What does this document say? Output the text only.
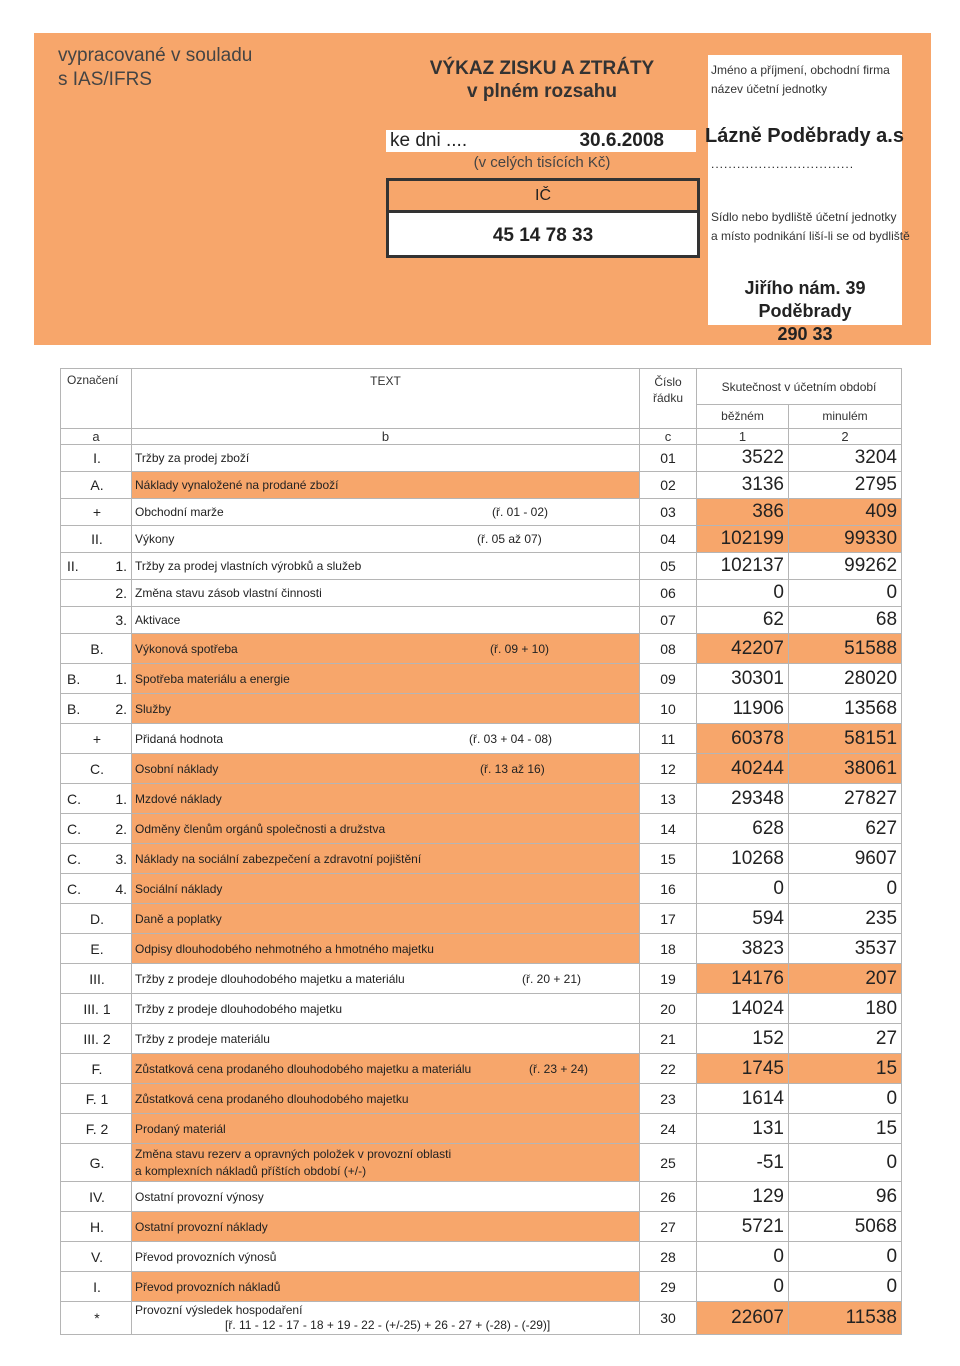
vypracované v souladu
s IAS/IFRS
VÝKAZ ZISKU A ZTRÁTY
v plném rozsahu
ke dni ....	30.6.2008
(v celých tisících Kč)
IČ
45 14 78 33
Jméno a příjmení, obchodní firma
název účetní jednotky
Lázně Poděbrady a.s
.................................
Sídlo nebo bydliště účetní jednotky
a místo podnikání liší-li se od bydliště
Jiřího nám. 39
Poděbrady
290 33
Označení	TEXT	Číslo řádku	Skutečnost v účetním období	
			běžném	minulém
a	b	c	1	2

I.	Tržby za prodej zboží	01	3522	3204

A.	Náklady vynaložené na prodané zboží	02	3136	2795

+	Obchodní marže (ř. 01 - 02)	03	386	409

II.	Výkony (ř. 05 až 07)	04	102199	99330

II. 1.	Tržby za prodej vlastních výrobků a služeb	05	102137	99262

2.	Změna stavu zásob vlastní činnosti	06	0	0

3.	Aktivace	07	62	68

B.	Výkonová spotřeba (ř. 09 + 10)	08	42207	51588

B. 1.	Spotřeba materiálu a energie	09	30301	28020

B. 2.	Služby	10	11906	13568

+	Přidaná hodnota (ř. 03 + 04 - 08)	11	60378	58151

C.	Osobní náklady (ř. 13 až 16)	12	40244	38061

C. 1.	Mzdové náklady	13	29348	27827

C. 2.	Odměny členům orgánů společnosti a družstva	14	628	627

C. 3.	Náklady na sociální zabezpečení a zdravotní pojištění	15	10268	9607

C. 4.	Sociální náklady	16	0	0

D.	Daně a poplatky	17	594	235

E.	Odpisy dlouhodobého nehmotného a hmotného majetku	18	3823	3537

III.	Tržby z prodeje dlouhodobého majetku a materiálu (ř. 20 + 21)	19	14176	207

III. 1	Tržby z prodeje dlouhodobého majetku	20	14024	180

III. 2	Tržby z prodeje materiálu	21	152	27

F.	Zůstatková cena prodaného dlouhodobého majetku a materiálu (ř. 23 + 24)	22	1745	15

F. 1	Zůstatková cena prodaného dlouhodobého majetku	23	1614	0

F. 2	Prodaný materiál	24	131	15

G.	Změna stavu rezerv a opravných položek v provozní oblasti
a komplexních nákladů příštích období (+/-)	25	-51	0

IV.	Ostatní provozní výnosy	26	129	96

H.	Ostatní provozní náklady	27	5721	5068

V.	Převod provozních výnosů	28	0	0

I.	Převod provozních nákladů	29	0	0

*	Provozní výsledek hospodaření
[ř. 11 - 12 - 17 - 18 + 19 - 22 - (+/-25) + 26 - 27 + (-28) - (-29)]	30	22607	11538
